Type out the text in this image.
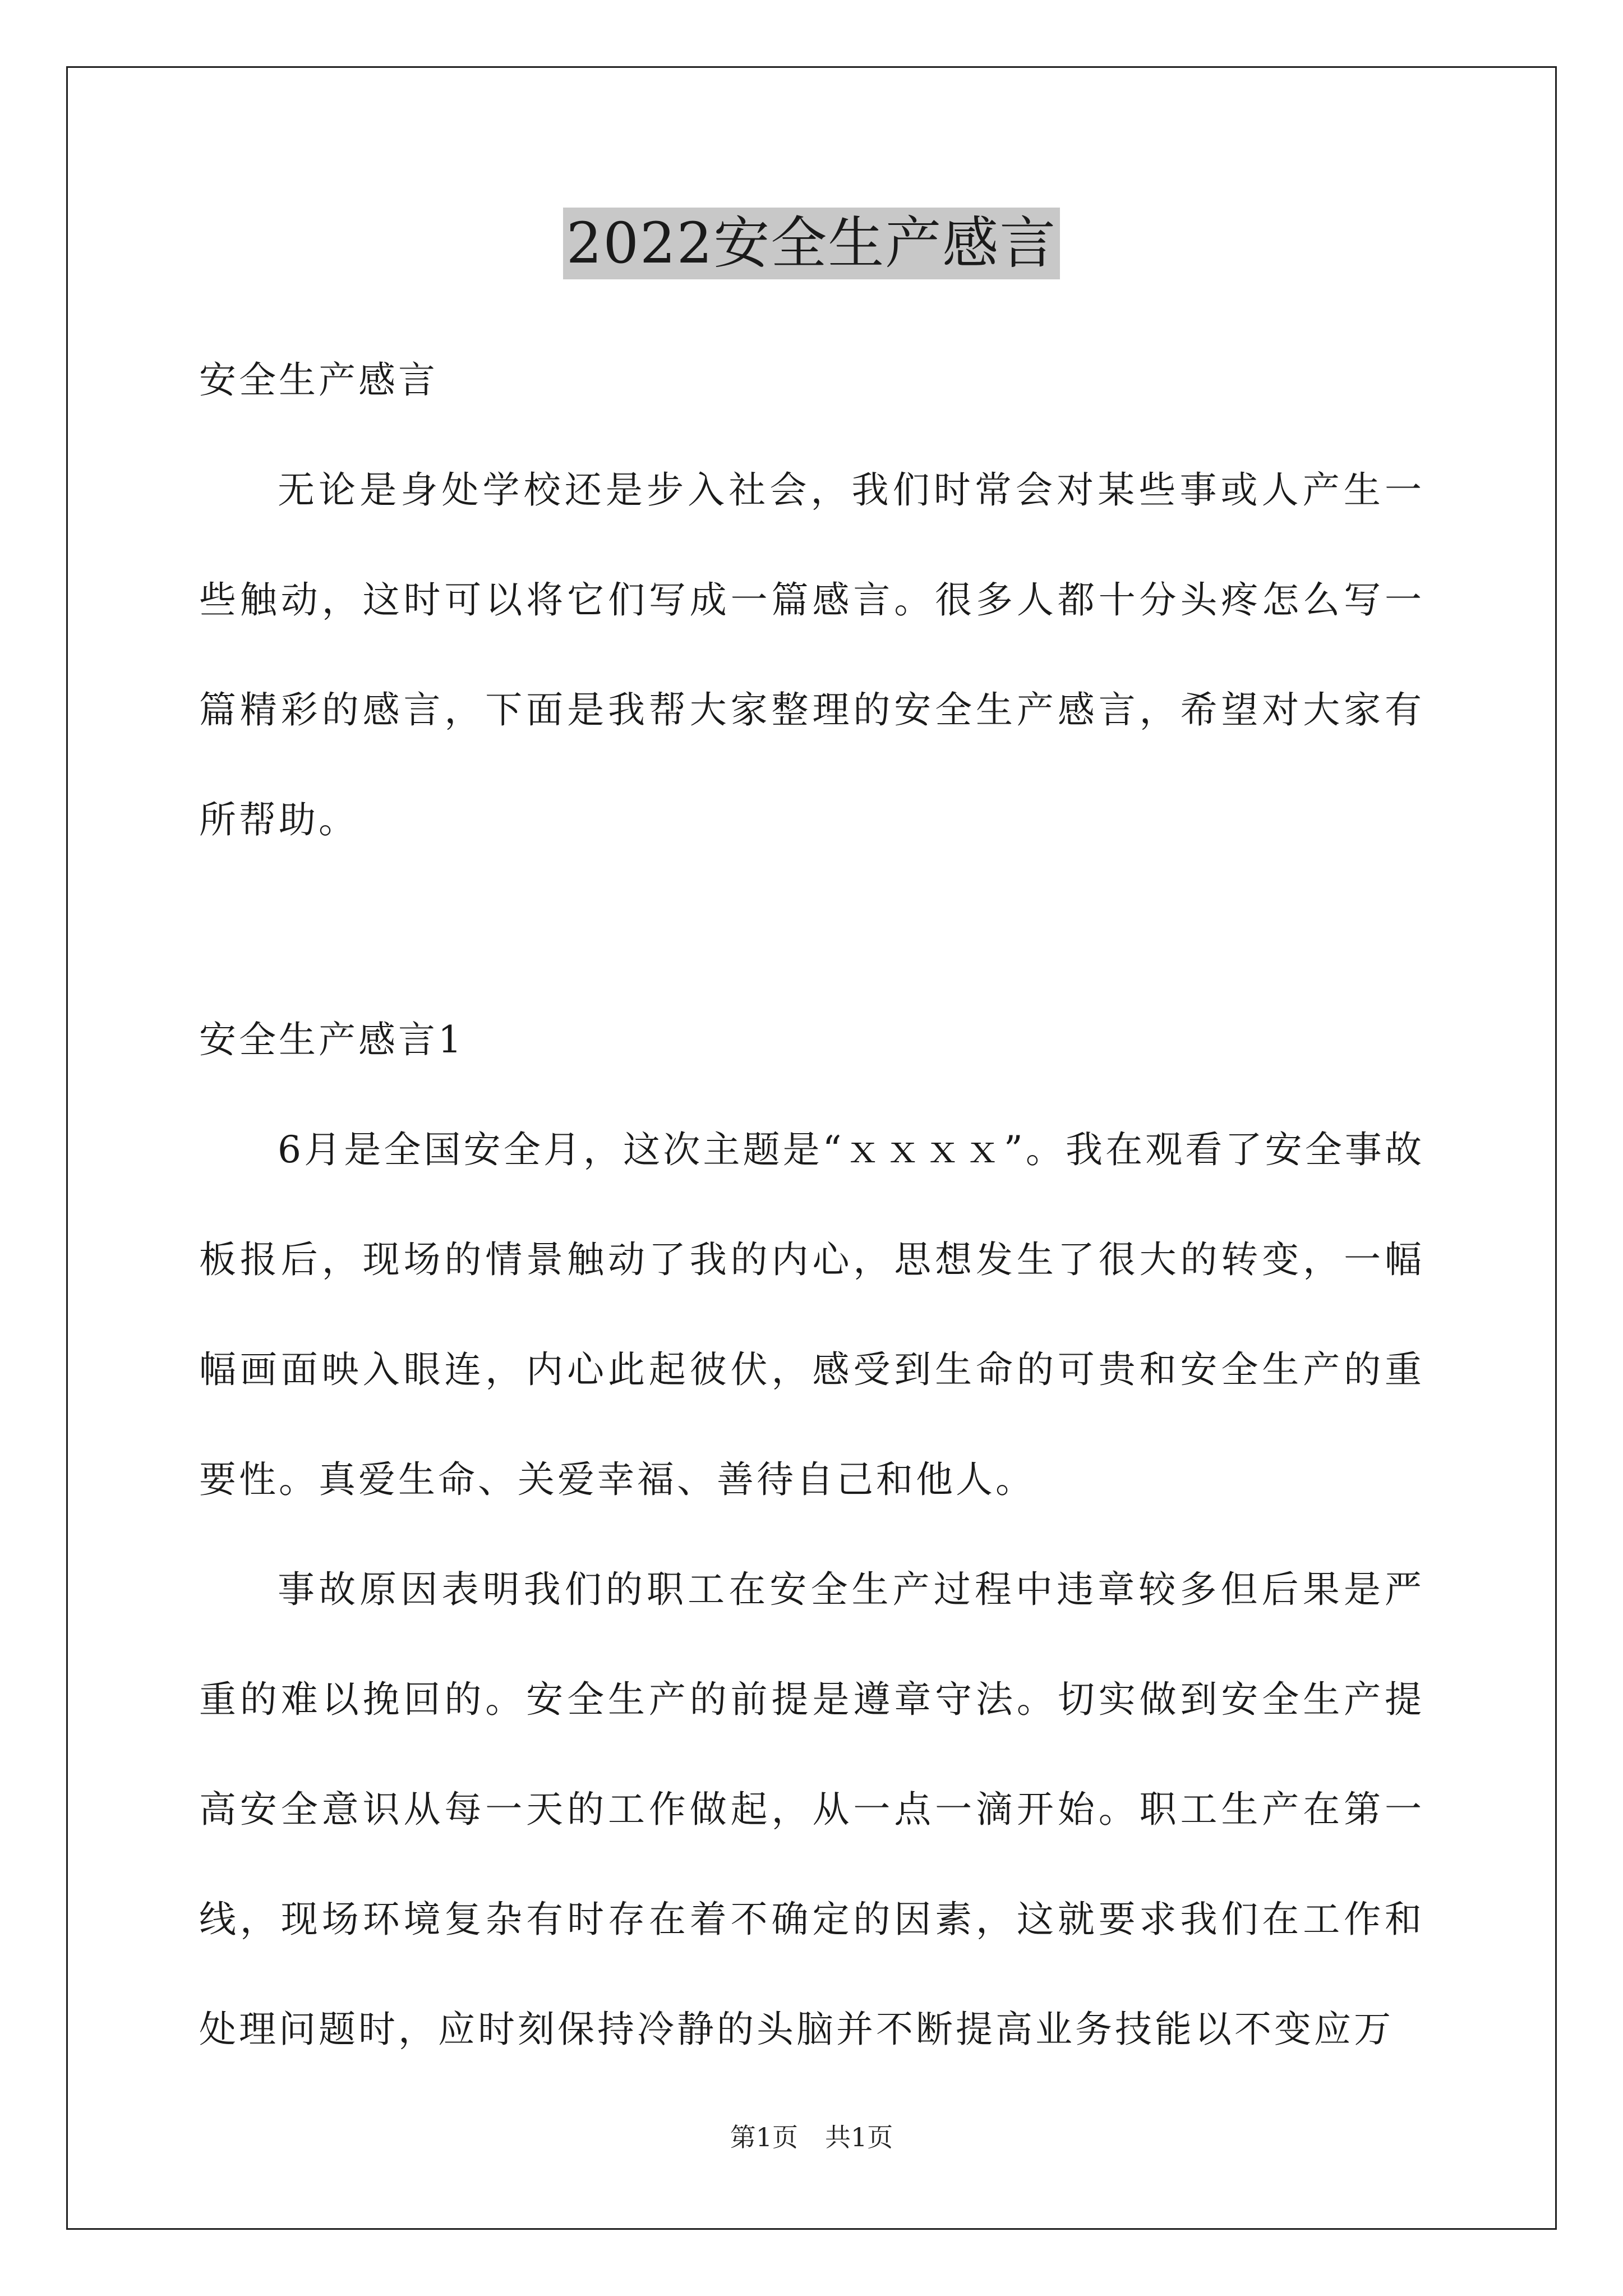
2022安全生产感言

安全生产感言

无论是身处学校还是步入社会，我们时常会对某些事或人产生一些触动，这时可以将它们写成一篇感言。很多人都十分头疼怎么写一篇精彩的感言，下面是我帮大家整理的安全生产感言，希望对大家有所帮助。

安全生产感言1

6月是全国安全月，这次主题是“ｘｘｘｘ”。我在观看了安全事故板报后，现场的情景触动了我的内心，思想发生了很大的转变，一幅幅画面映入眼连，内心此起彼伏，感受到生命的可贵和安全生产的重要性。真爱生命、关爱幸福、善待自己和他人。

事故原因表明我们的职工在安全生产过程中违章较多但后果是严重的难以挽回的。安全生产的前提是遵章守法。切实做到安全生产提高安全意识从每一天的工作做起，从一点一滴开始。职工生产在第一线，现场环境复杂有时存在着不确定的因素，这就要求我们在工作和处理问题时，应时刻保持冷静的头脑并不断提高业务技能以不变应万

第1页 共1页
